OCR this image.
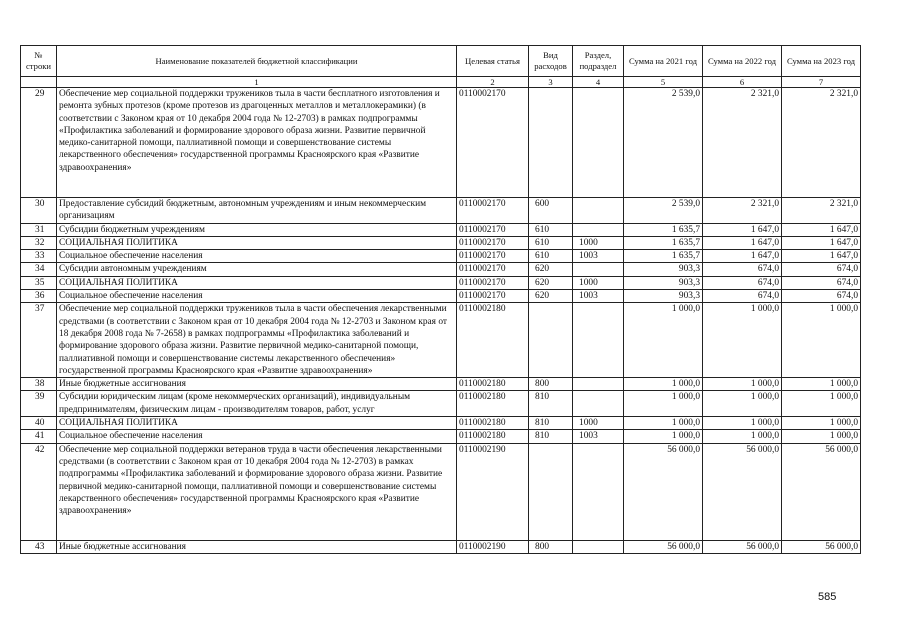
№ строки	Наименование показателей бюджетной классификации	Целевая статья	Вид расходов	Раздел, подраздел	Сумма на 2021 год	Сумма на 2022 год	Сумма на 2023 год
	1	2	3	4	5	6	7
29	Обеспечение мер социальной поддержки тружеников тыла в части бесплатного изготовления и ремонта зубных протезов (кроме протезов из драгоценных металлов и металлокерамики) (в соответствии с Законом края от 10 декабря 2004 года № 12-2703) в рамках подпрограммы «Профилактика заболеваний и формирование здорового образа жизни. Развитие первичной медико-санитарной помощи, паллиативной помощи и совершенствование системы лекарственного обеспечения» государственной программы Красноярского края «Развитие здравоохранения»	0110002170			2 539,0	2 321,0	2 321,0
30	Предоставление субсидий бюджетным, автономным учреждениям и иным некоммерческим организациям	0110002170	600		2 539,0	2 321,0	2 321,0
31	Субсидии бюджетным учреждениям	0110002170	610		1 635,7	1 647,0	1 647,0
32	СОЦИАЛЬНАЯ ПОЛИТИКА	0110002170	610	1000	1 635,7	1 647,0	1 647,0
33	Социальное обеспечение населения	0110002170	610	1003	1 635,7	1 647,0	1 647,0
34	Субсидии автономным учреждениям	0110002170	620		903,3	674,0	674,0
35	СОЦИАЛЬНАЯ ПОЛИТИКА	0110002170	620	1000	903,3	674,0	674,0
36	Социальное обеспечение населения	0110002170	620	1003	903,3	674,0	674,0
37	Обеспечение мер социальной поддержки тружеников тыла в части обеспечения лекарственными средствами (в соответствии с Законом края от 10 декабря 2004 года № 12-2703 и Законом края от 18 декабря 2008 года № 7-2658) в рамках подпрограммы «Профилактика заболеваний и формирование здорового образа жизни. Развитие первичной медико-санитарной помощи, паллиативной помощи и совершенствование системы лекарственного обеспечения» государственной программы Красноярского края «Развитие здравоохранения»	0110002180			1 000,0	1 000,0	1 000,0
38	Иные бюджетные ассигнования	0110002180	800		1 000,0	1 000,0	1 000,0
39	Субсидии юридическим лицам (кроме некоммерческих организаций), индивидуальным предпринимателям, физическим лицам - производителям товаров, работ, услуг	0110002180	810		1 000,0	1 000,0	1 000,0
40	СОЦИАЛЬНАЯ ПОЛИТИКА	0110002180	810	1000	1 000,0	1 000,0	1 000,0
41	Социальное обеспечение населения	0110002180	810	1003	1 000,0	1 000,0	1 000,0
42	Обеспечение мер социальной поддержки ветеранов труда в части обеспечения лекарственными средствами (в соответствии с Законом края от 10 декабря 2004 года № 12-2703) в рамках подпрограммы «Профилактика заболеваний и формирование здорового образа жизни. Развитие первичной медико-санитарной помощи, паллиативной помощи и совершенствование системы лекарственного обеспечения» государственной программы Красноярского края «Развитие здравоохранения»	0110002190			56 000,0	56 000,0	56 000,0
43	Иные бюджетные ассигнования	0110002190	800		56 000,0	56 000,0	56 000,0
585
